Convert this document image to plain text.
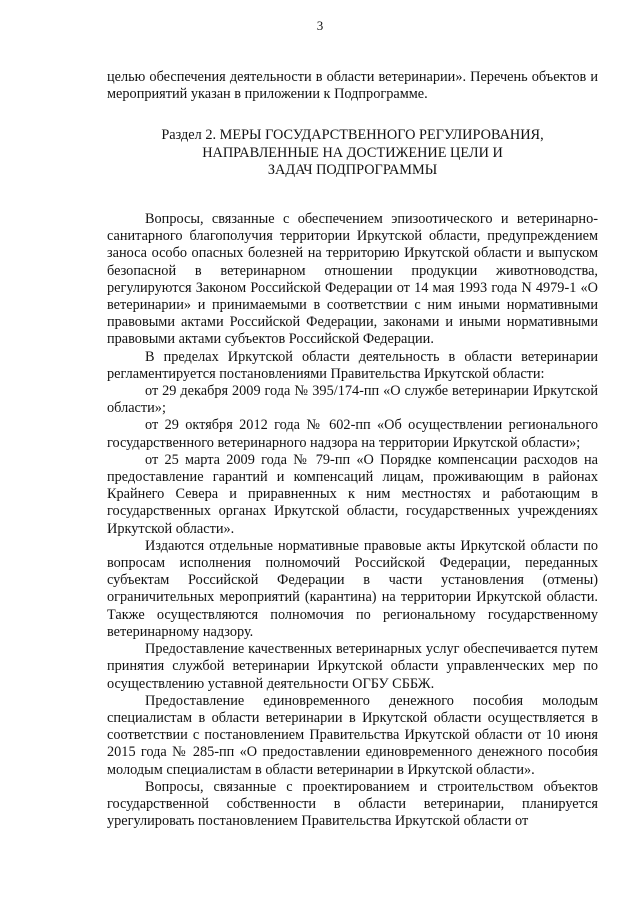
3

целью обеспечения деятельности в области ветеринарии». Перечень объектов и мероприятий указан в приложении к Подпрограмме.

Раздел 2. МЕРЫ ГОСУДАРСТВЕННОГО РЕГУЛИРОВАНИЯ,
НАПРАВЛЕННЫЕ НА ДОСТИЖЕНИЕ ЦЕЛИ И
ЗАДАЧ ПОДПРОГРАММЫ

Вопросы, связанные с обеспечением эпизоотического и ветеринарно-санитарного благополучия территории Иркутской области, предупреждением заноса особо опасных болезней на территорию Иркутской области и выпуском безопасной в ветеринарном отношении продукции животноводства, регулируются Законом Российской Федерации от 14 мая 1993 года N 4979-1 «О ветеринарии» и принимаемыми в соответствии с ним иными нормативными правовыми актами Российской Федерации, законами и иными нормативными правовыми актами субъектов Российской Федерации.

В пределах Иркутской области деятельность в области ветеринарии регламентируется постановлениями Правительства Иркутской области:

от 29 декабря 2009 года № 395/174-пп «О службе ветеринарии Иркутской области»;

от 29 октября 2012 года № 602-пп «Об осуществлении регионального государственного ветеринарного надзора на территории Иркутской области»;

от 25 марта 2009 года № 79-пп «О Порядке компенсации расходов на предоставление гарантий и компенсаций лицам, проживающим в районах Крайнего Севера и приравненных к ним местностях и работающим в государственных органах Иркутской области, государственных учреждениях Иркутской области».

Издаются отдельные нормативные правовые акты Иркутской области по вопросам исполнения полномочий Российской Федерации, переданных субъектам Российской Федерации в части установления (отмены) ограничительных мероприятий (карантина) на территории Иркутской области. Также осуществляются полномочия по региональному государственному ветеринарному надзору.

Предоставление качественных ветеринарных услуг обеспечивается путем принятия службой ветеринарии Иркутской области управленческих мер по осуществлению уставной деятельности ОГБУ СББЖ.

Предоставление единовременного денежного пособия молодым специалистам в области ветеринарии в Иркутской области осуществляется в соответствии с постановлением Правительства Иркутской области от 10 июня 2015 года № 285-пп «О предоставлении единовременного денежного пособия молодым специалистам в области ветеринарии в Иркутской области».

Вопросы, связанные с проектированием и строительством объектов государственной собственности в области ветеринарии, планируется урегулировать постановлением Правительства Иркутской области от
